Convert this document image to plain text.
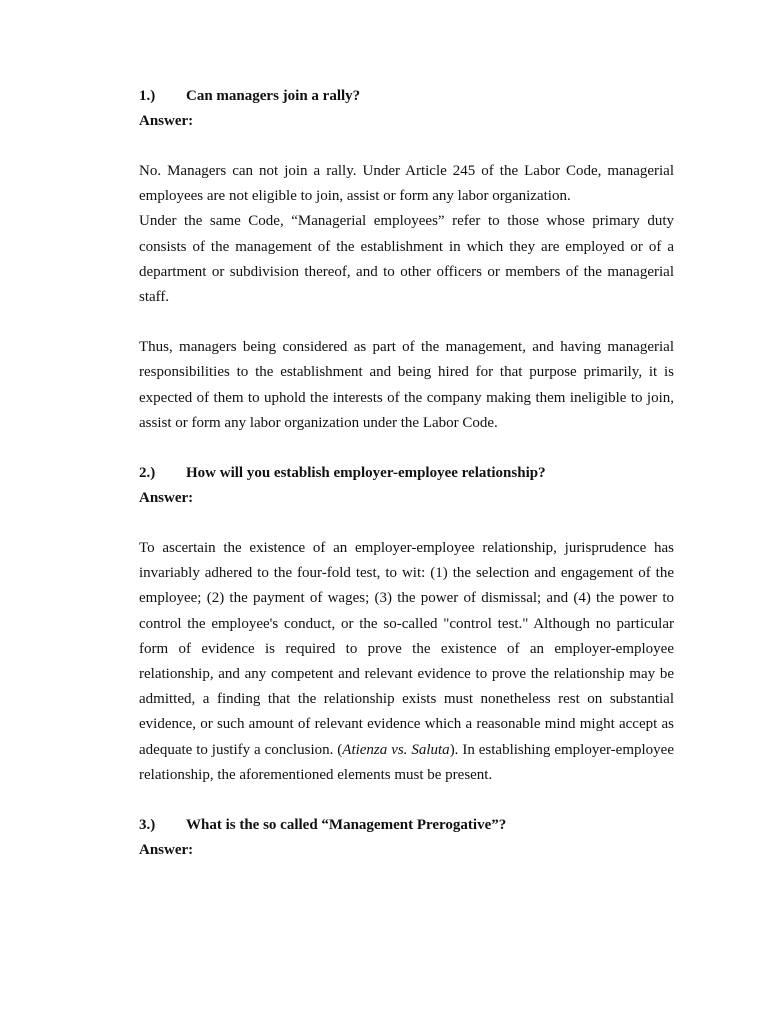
1.) Can managers join a rally?
Answer:

No. Managers can not join a rally. Under Article 245 of the Labor Code, managerial employees are not eligible to join, assist or form any labor organization.

Under the same Code, “Managerial employees” refer to those whose primary duty consists of the management of the establishment in which they are employed or of a department or subdivision thereof, and to other officers or members of the managerial staff.

Thus, managers being considered as part of the management, and having managerial responsibilities to the establishment and being hired for that purpose primarily, it is expected of them to uphold the interests of the company making them ineligible to join, assist or form any labor organization under the Labor Code.

2.) How will you establish employer-employee relationship?
Answer:

To ascertain the existence of an employer-employee relationship, jurisprudence has invariably adhered to the four-fold test, to wit: (1) the selection and engagement of the employee; (2) the payment of wages; (3) the power of dismissal; and (4) the power to control the employee's conduct, or the so-called "control test." Although no particular form of evidence is required to prove the existence of an employer-employee relationship, and any competent and relevant evidence to prove the relationship may be admitted, a finding that the relationship exists must nonetheless rest on substantial evidence, or such amount of relevant evidence which a reasonable mind might accept as adequate to justify a conclusion. (Atienza vs. Saluta). In establishing employer-employee relationship, the aforementioned elements must be present.

3.) What is the so called “Management Prerogative”?
Answer:
